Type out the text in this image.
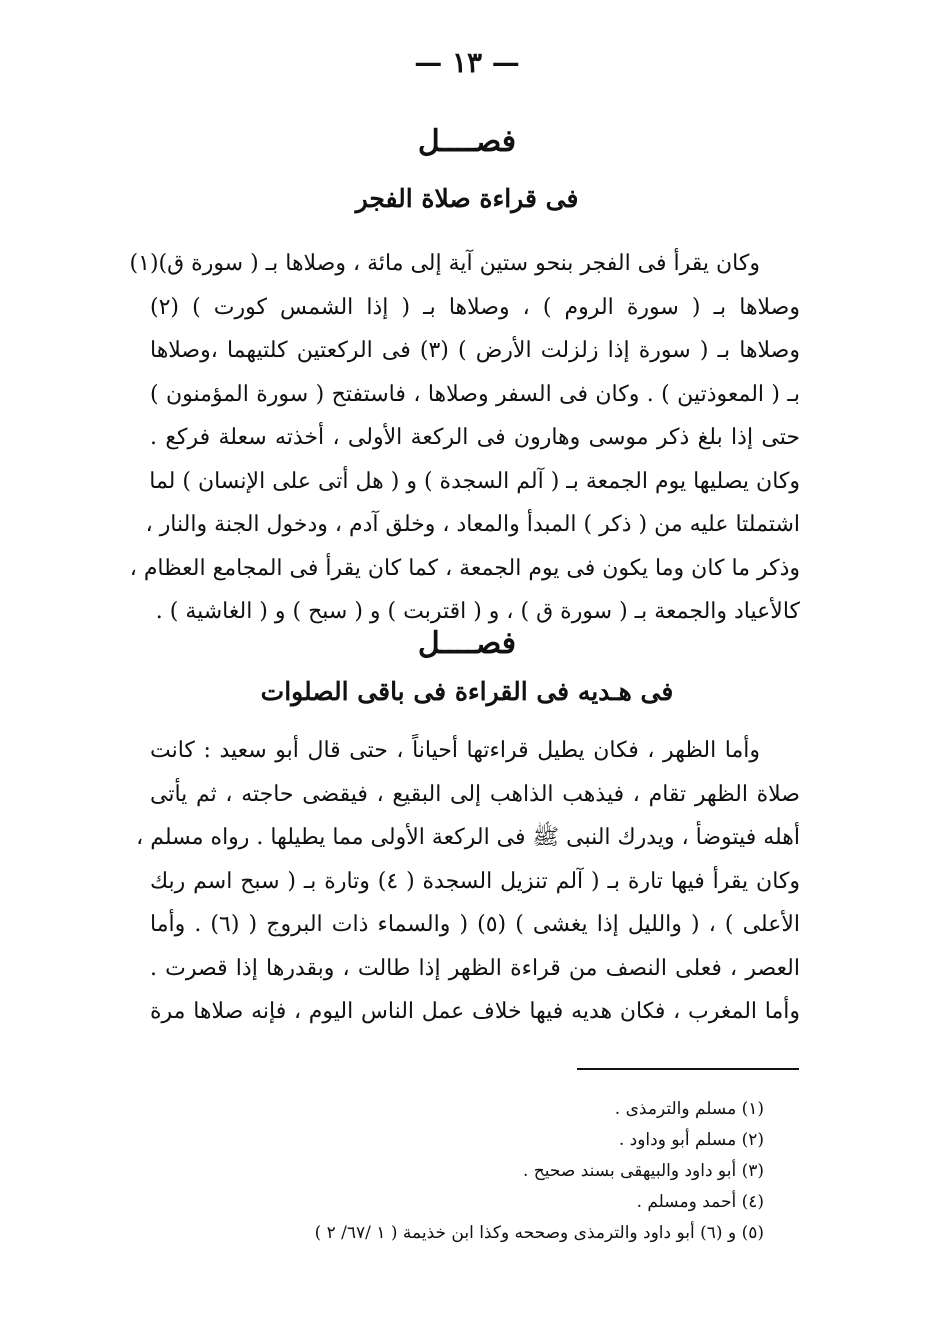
— ١٣ —
فصــــل
فى قراءة صلاة الفجر
وكان يقرأ فى الفجر بنحو ستين آية إلى مائة ، وصلاها بـ ( سورة ق)(١)
وصلاها بـ ( سورة الروم ) ، وصلاها بـ ( إذا الشمس كورت ) (٢)
وصلاها بـ ( سورة إذا زلزلت الأرض ) (٣) فى الركعتين كلتيهما ،وصلاها
بـ ( المعوذتين ) . وكان فى السفر وصلاها ، فاستفتح ( سورة المؤمنون )
حتى إذا بلغ ذكر موسى وهارون فى الركعة الأولى ، أخذته سعلة فركع .
وكان يصليها يوم الجمعة بـ ( آلم السجدة ) و ( هل أتى على الإنسان ) لما
اشتملتا عليه من ( ذكر ) المبدأ والمعاد ، وخلق آدم ، ودخول الجنة والنار ،
وذكر ما كان وما يكون فى يوم الجمعة ، كما كان يقرأ فى المجامع العظام ،
كالأعياد والجمعة بـ ( سورة ق ) ، و ( اقتربت ) و ( سبح ) و ( الغاشية ) .
فصــــل
فى هـديه فى القراءة فى باقى الصلوات
وأما الظهر ، فكان يطيل قراءتها أحياناً ، حتى قال أبو سعيد : كانت
صلاة الظهر تقام ، فيذهب الذاهب إلى البقيع ، فيقضى حاجته ، ثم يأتى
أهله فيتوضأ ، ويدرك النبى ﷺ فى الركعة الأولى مما يطيلها . رواه مسلم ،
وكان يقرأ فيها تارة بـ ( آلم تنزيل السجدة ( ٤) وتارة بـ ( سبح اسم ربك
الأعلى ) ، ( والليل إذا يغشى ) (٥) ( والسماء ذات البروج ( (٦) . وأما
العصر ، فعلى النصف من قراءة الظهر إذا طالت ، وبقدرها إذا قصرت .
وأما المغرب ، فكان هديه فيها خلاف عمل الناس اليوم ، فإنه صلاها مرة
(١) مسلم والترمذى .
(٢) مسلم أبو وداود .
(٣) أبو داود والبيهقى بسند صحيح .
(٤) أحمد ومسلم .
(٥) و (٦) أبو داود والترمذى وصححه وكذا ابن خذيمة ( ١ /٦٧/ ٢ )
